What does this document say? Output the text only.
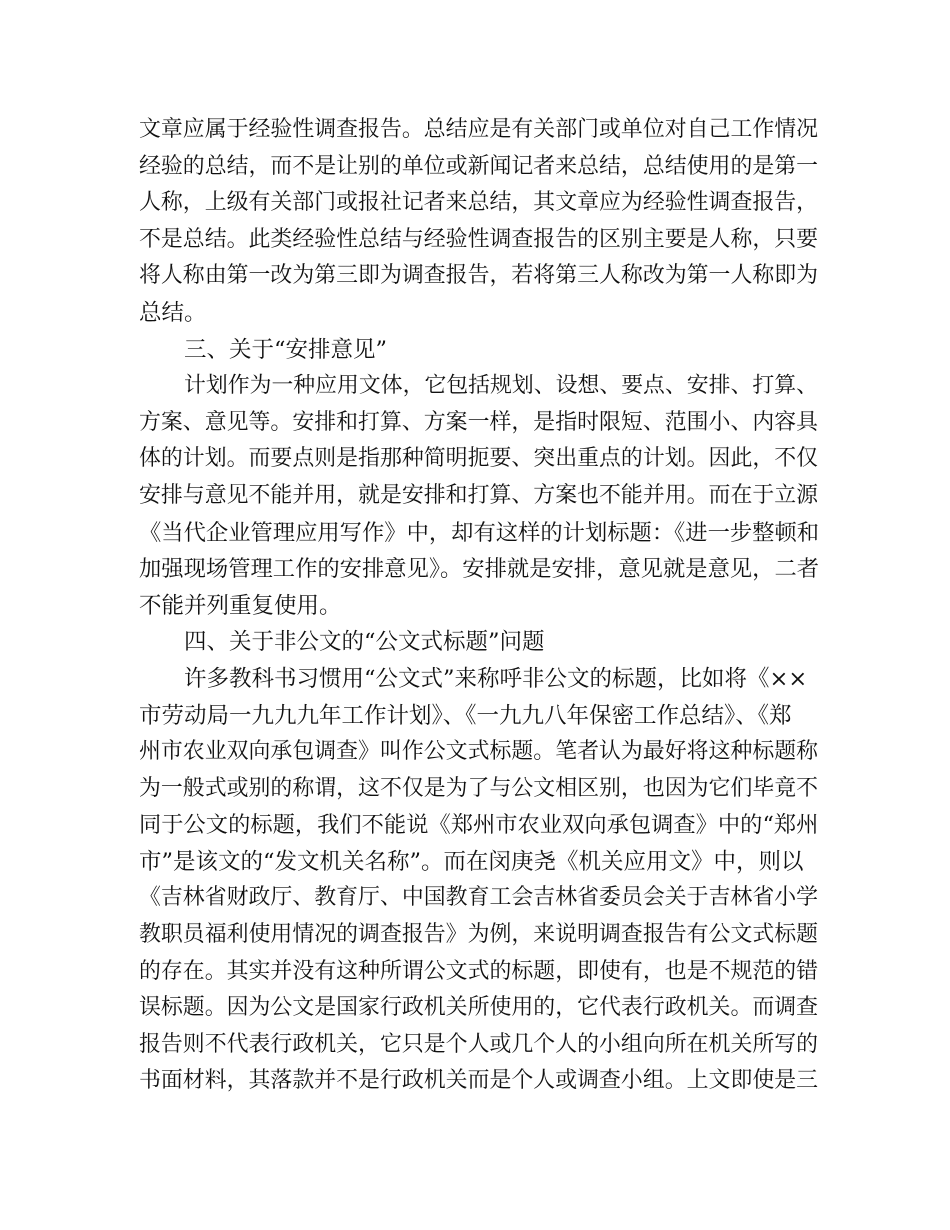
文章应属于经验性调查报告。总结应是有关部门或单位对自己工作情况
经验的总结，而不是让别的单位或新闻记者来总结，总结使用的是第一
人称，上级有关部门或报社记者来总结，其文章应为经验性调查报告，
不是总结。此类经验性总结与经验性调查报告的区别主要是人称，只要
将人称由第一改为第三即为调查报告，若将第三人称改为第一人称即为
总结。
三、关于“安排意见”
计划作为一种应用文体，它包括规划、设想、要点、安排、打算、
方案、意见等。安排和打算、方案一样，是指时限短、范围小、内容具
体的计划。而要点则是指那种简明扼要、突出重点的计划。因此，不仅
安排与意见不能并用，就是安排和打算、方案也不能并用。而在于立源
《当代企业管理应用写作》中，却有这样的计划标题：《进一步整顿和
加强现场管理工作的安排意见》。安排就是安排，意见就是意见，二者
不能并列重复使用。
四、关于非公文的“公文式标题”问题
许多教科书习惯用“公文式”来称呼非公文的标题，比如将《××
市劳动局一九九九年工作计划》、《一九九八年保密工作总结》、《郑
州市农业双向承包调查》叫作公文式标题。笔者认为最好将这种标题称
为一般式或别的称谓，这不仅是为了与公文相区别，也因为它们毕竟不
同于公文的标题，我们不能说《郑州市农业双向承包调查》中的“郑州
市”是该文的“发文机关名称”。而在闵庚尧《机关应用文》中，则以
《吉林省财政厅、教育厅、中国教育工会吉林省委员会关于吉林省小学
教职员福利使用情况的调查报告》为例，来说明调查报告有公文式标题
的存在。其实并没有这种所谓公文式的标题，即使有，也是不规范的错
误标题。因为公文是国家行政机关所使用的，它代表行政机关。而调查
报告则不代表行政机关，它只是个人或几个人的小组向所在机关所写的
书面材料，其落款并不是行政机关而是个人或调查小组。上文即使是三
